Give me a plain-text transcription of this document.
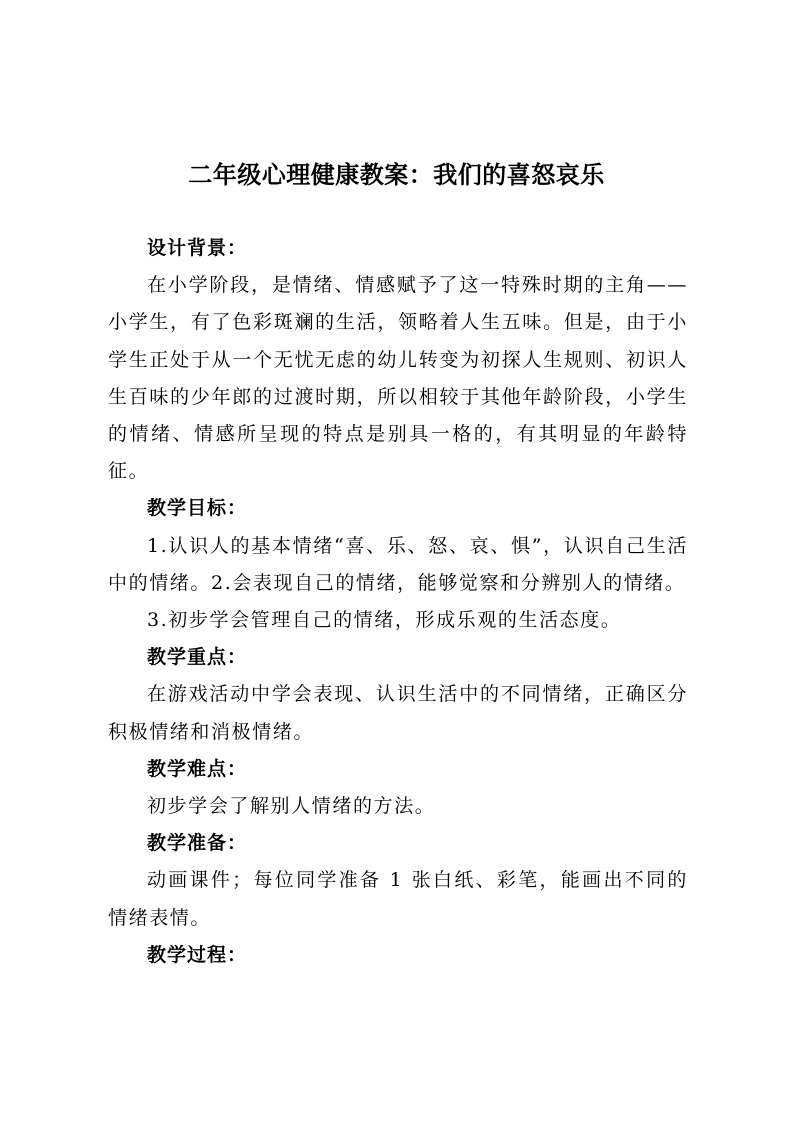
二年级心理健康教案：我们的喜怒哀乐

设计背景：

在小学阶段，是情绪、情感赋予了这一特殊时期的主角——小学生，有了色彩斑斓的生活，领略着人生五味。但是，由于小学生正处于从一个无忧无虑的幼儿转变为初探人生规则、初识人生百味的少年郎的过渡时期，所以相较于其他年龄阶段，小学生的情绪、情感所呈现的特点是别具一格的，有其明显的年龄特征。

教学目标：

1.认识人的基本情绪“喜、乐、怒、哀、惧”，认识自己生活中的情绪。2.会表现自己的情绪，能够觉察和分辨别人的情绪。

3.初步学会管理自己的情绪，形成乐观的生活态度。

教学重点：

在游戏活动中学会表现、认识生活中的不同情绪，正确区分积极情绪和消极情绪。

教学难点：

初步学会了解别人情绪的方法。

教学准备：

动画课件；每位同学准备 1 张白纸、彩笔，能画出不同的情绪表情。

教学过程：
